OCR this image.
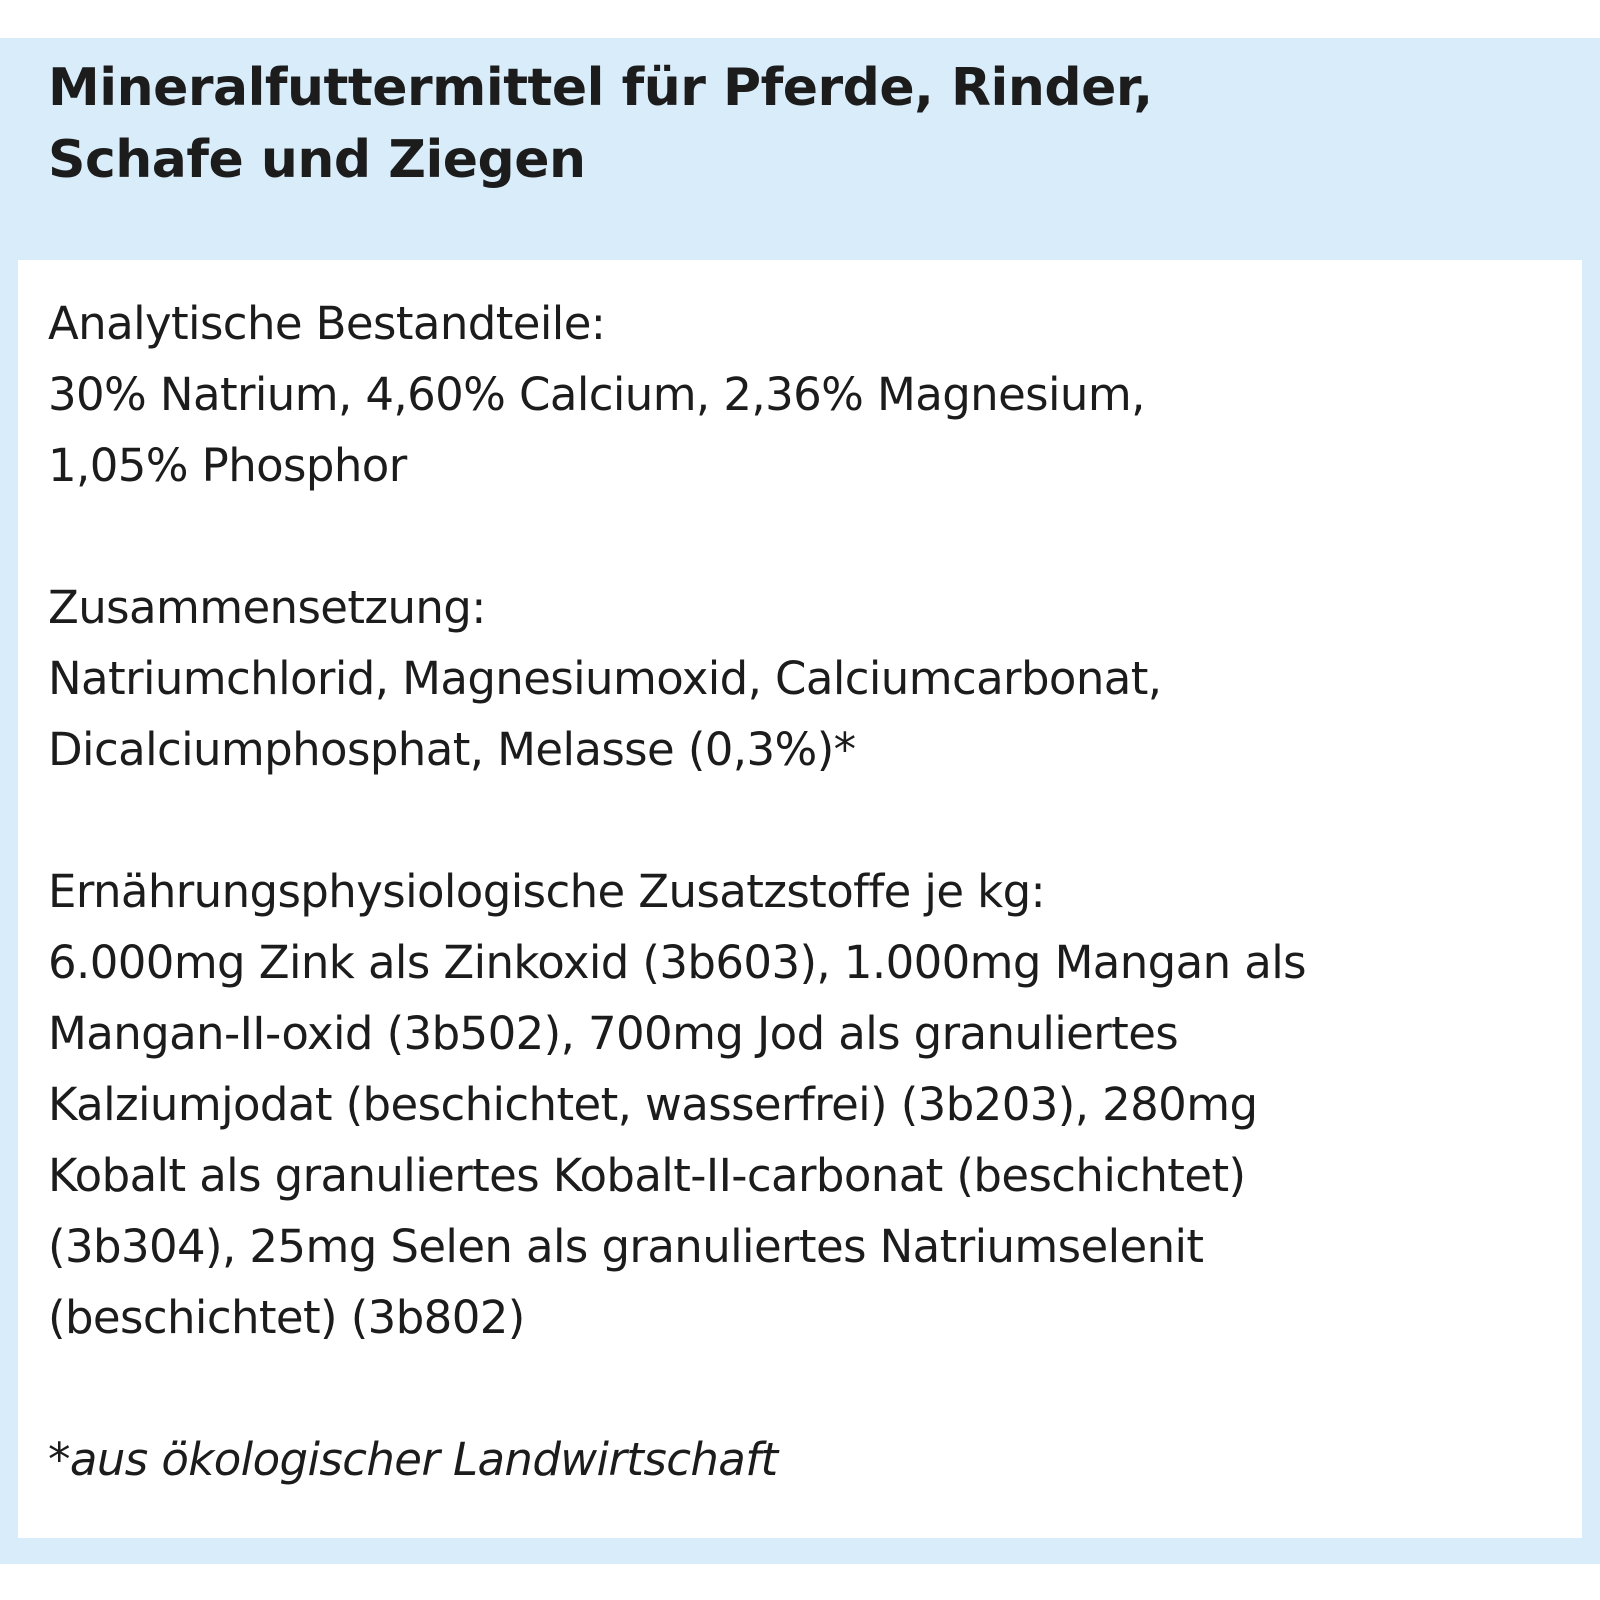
Mineralfuttermittel für Pferde, Rinder,
Schafe und Ziegen

Analytische Bestandteile:
30% Natrium, 4,60% Calcium, 2,36% Magnesium,
1,05% Phosphor

Zusammensetzung:
Natriumchlorid, Magnesiumoxid, Calciumcarbonat,
Dicalciumphosphat, Melasse (0,3%)*

Ernährungsphysiologische Zusatzstoffe je kg:
6.000mg Zink als Zinkoxid (3b603), 1.000mg Mangan als
Mangan-II-oxid (3b502), 700mg Jod als granuliertes
Kalziumjodat (beschichtet, wasserfrei) (3b203), 280mg
Kobalt als granuliertes Kobalt-II-carbonat (beschichtet)
(3b304), 25mg Selen als granuliertes Natriumselenit
(beschichtet) (3b802)

*aus ökologischer Landwirtschaft
